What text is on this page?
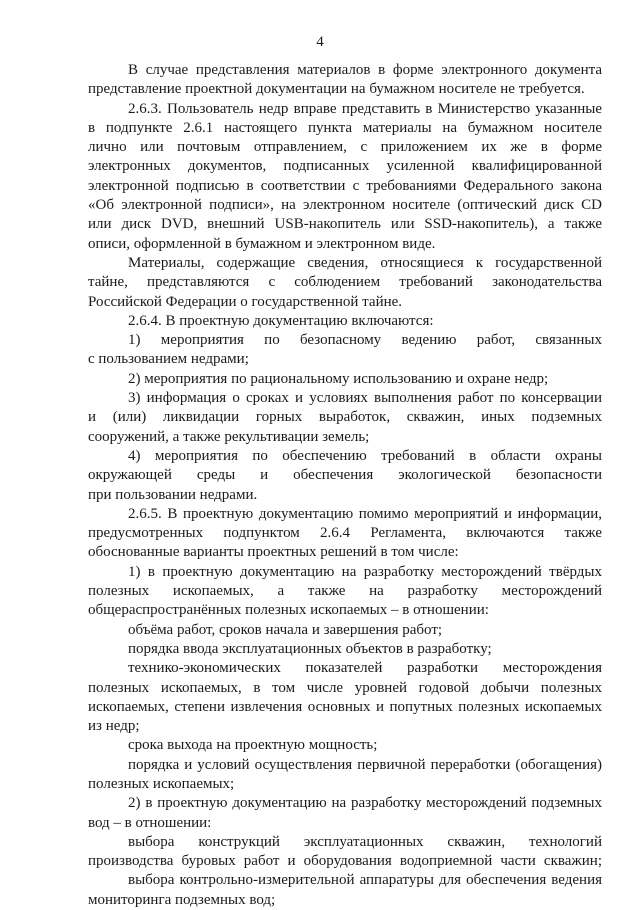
4
В случае представления материалов в форме электронного документа
представление проектной документации на бумажном носителе не требуется.
2.6.3. Пользователь недр вправе представить в Министерство указанные
в подпункте 2.6.1 настоящего пункта материалы на бумажном носителе
лично или почтовым отправлением, с приложением их же в форме
электронных документов, подписанных усиленной квалифицированной
электронной подписью в соответствии с требованиями Федерального закона
«Об электронной подписи», на электронном носителе (оптический диск CD
или диск DVD, внешний USB-накопитель или SSD-накопитель), а также
описи, оформленной в бумажном и электронном виде.
Материалы, содержащие сведения, относящиеся к государственной
тайне, представляются с соблюдением требований законодательства
Российской Федерации о государственной тайне.
2.6.4. В проектную документацию включаются:
1) мероприятия по безопасному ведению работ, связанных
с пользованием недрами;
2) мероприятия по рациональному использованию и охране недр;
3) информация о сроках и условиях выполнения работ по консервации
и (или) ликвидации горных выработок, скважин, иных подземных
сооружений, а также рекультивации земель;
4) мероприятия по обеспечению требований в области охраны
окружающей среды и обеспечения экологической безопасности
при пользовании недрами.
2.6.5. В проектную документацию помимо мероприятий и информации,
предусмотренных подпунктом 2.6.4 Регламента, включаются также
обоснованные варианты проектных решений в том числе:
1) в проектную документацию на разработку месторождений твёрдых
полезных ископаемых, а также на разработку месторождений
общераспространённых полезных ископаемых – в отношении:
объёма работ, сроков начала и завершения работ;
порядка ввода эксплуатационных объектов в разработку;
технико-экономических показателей разработки месторождения
полезных ископаемых, в том числе уровней годовой добычи полезных
ископаемых, степени извлечения основных и попутных полезных ископаемых
из недр;
срока выхода на проектную мощность;
порядка и условий осуществления первичной переработки (обогащения)
полезных ископаемых;
2) в проектную документацию на разработку месторождений подземных
вод – в отношении:
выбора конструкций эксплуатационных скважин, технологий
производства буровых работ и оборудования водоприемной части скважин;
выбора контрольно-измерительной аппаратуры для обеспечения ведения
мониторинга подземных вод;
